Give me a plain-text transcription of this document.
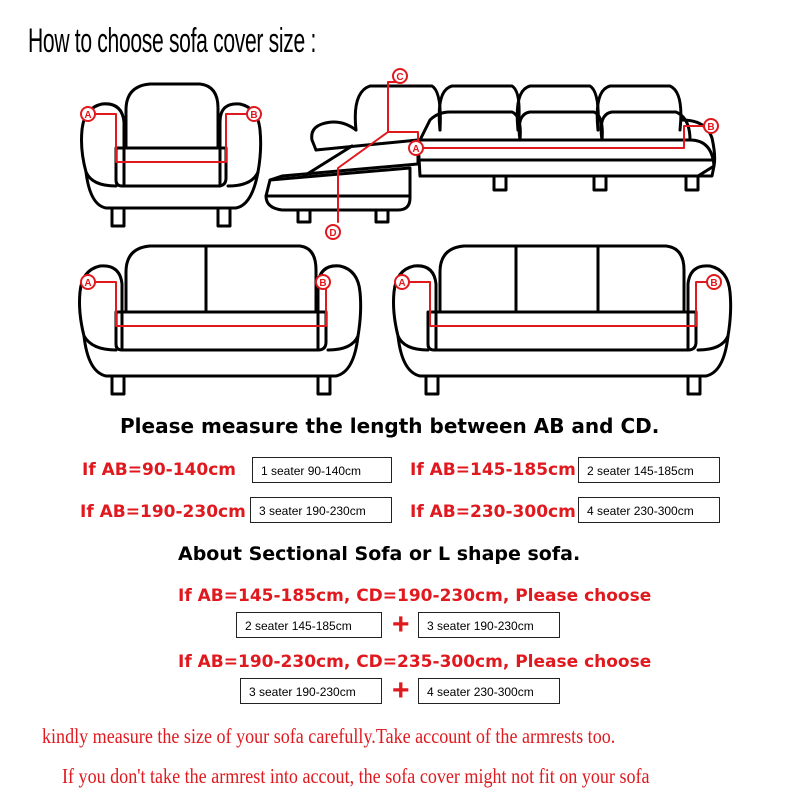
How to choose sofa cover size :
A	B
C
A
B
D
A	B	A	B
Please measure the length between AB and CD.
If AB=90-140cm	1 seater 90-140cm	If AB=145-185cm 2 seater 145-185cm
If AB=190-230cm	3 seater 190-230cm	If AB=230-300cm 4 seater 230-300cm
About Sectional Sofa or L shape sofa.
If AB=145-185cm, CD=190-230cm, Please choose
2 seater 145-185cm	+	3 seater 190-230cm
If AB=190-230cm, CD=235-300cm, Please choose
3 seater 190-230cm	+	4 seater 230-300cm
kindly measure the size of your sofa carefully.Take account of the armrests too.
If you don't take the armrest into accout, the sofa cover might not fit on your sofa
